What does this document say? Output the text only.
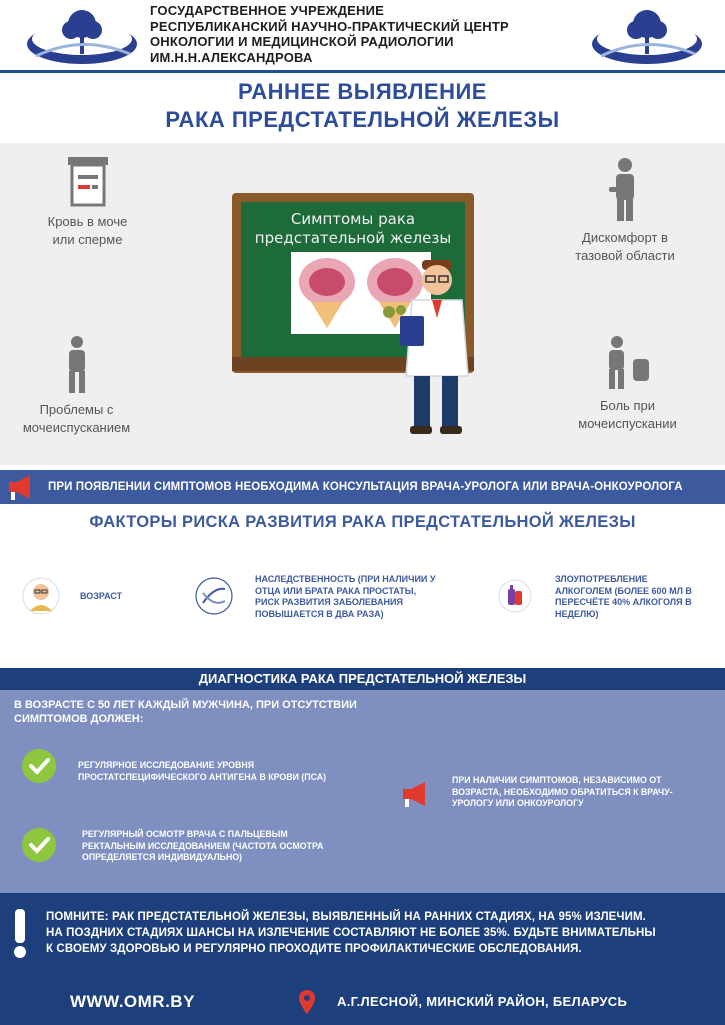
ГОСУДАРСТВЕННОЕ УЧРЕЖДЕНИЕ
РЕСПУБЛИКАНСКИЙ НАУЧНО-ПРАКТИЧЕСКИЙ ЦЕНТР
ОНКОЛОГИИ И МЕДИЦИНСКОЙ РАДИОЛОГИИ
ИМ.Н.Н.АЛЕКСАНДРОВА
РАННЕЕ ВЫЯВЛЕНИЕ
РАКА ПРЕДСТАТЕЛЬНОЙ ЖЕЛЕЗЫ
Кровь в моче
или сперме	Дискомфорт в
тазовой области
Проблемы с
мочеиспусканием
Боль при
мочеиспускании
Симптомы рака
предстательной железы
ПРИ ПОЯВЛЕНИИ СИМПТОМОВ НЕОБХОДИМА КОНСУЛЬТАЦИЯ ВРАЧА-УРОЛОГА ИЛИ ВРАЧА-ОНКОУРОЛОГА
ФАКТОРЫ РИСКА РАЗВИТИЯ РАКА ПРЕДСТАТЕЛЬНОЙ ЖЕЛЕЗЫ
ВОЗРАСТ
НАСЛЕДСТВЕННОСТЬ (ПРИ НАЛИЧИИ У
ОТЦА ИЛИ БРАТА РАКА ПРОСТАТЫ,
РИСК РАЗВИТИЯ ЗАБОЛЕВАНИЯ
ПОВЫШАЕТСЯ В ДВА РАЗА)
ЗЛОУПОТРЕБЛЕНИЕ
АЛКОГОЛЕМ (БОЛЕЕ 600 МЛ В
ПЕРЕСЧЁТЕ 40% АЛКОГОЛЯ В
НЕДЕЛЮ)
ДИАГНОСТИКА РАКА ПРЕДСТАТЕЛЬНОЙ ЖЕЛЕЗЫ
В ВОЗРАСТЕ С 50 ЛЕТ КАЖДЫЙ МУЖЧИНА, ПРИ ОТСУТСТВИИ
СИМПТОМОВ ДОЛЖЕН:
РЕГУЛЯРНОЕ ИССЛЕДОВАНИЕ УРОВНЯ
ПРОСТАТСПЕЦИФИЧЕСКОГО АНТИГЕНА В КРОВИ (ПСА)
РЕГУЛЯРНЫЙ ОСМОТР ВРАЧА С ПАЛЬЦЕВЫМ
РЕКТАЛЬНЫМ ИССЛЕДОВАНИЕМ (ЧАСТОТА ОСМОТРА
ОПРЕДЕЛЯЕТСЯ ИНДИВИДУАЛЬНО)
ПРИ НАЛИЧИИ СИМПТОМОВ, НЕЗАВИСИМО ОТ
ВОЗРАСТА, НЕОБХОДИМО ОБРАТИТЬСЯ К ВРАЧУ-
УРОЛОГУ ИЛИ ОНКОУРОЛОГУ
ПОМНИТЕ: РАК ПРЕДСТАТЕЛЬНОЙ ЖЕЛЕЗЫ, ВЫЯВЛЕННЫЙ НА РАННИХ СТАДИЯХ, НА 95% ИЗЛЕЧИМ.
НА ПОЗДНИХ СТАДИЯХ ШАНСЫ НА ИЗЛЕЧЕНИЕ СОСТАВЛЯЮТ НЕ БОЛЕЕ 35%. БУДЬТЕ ВНИМАТЕЛЬНЫ
К СВОЕМУ ЗДОРОВЬЮ И РЕГУЛЯРНО ПРОХОДИТЕ ПРОФИЛАКТИЧЕСКИЕ ОБСЛЕДОВАНИЯ.
WWW.OMR.BY	А.Г.ЛЕСНОЙ, МИНСКИЙ РАЙОН, БЕЛАРУСЬ
